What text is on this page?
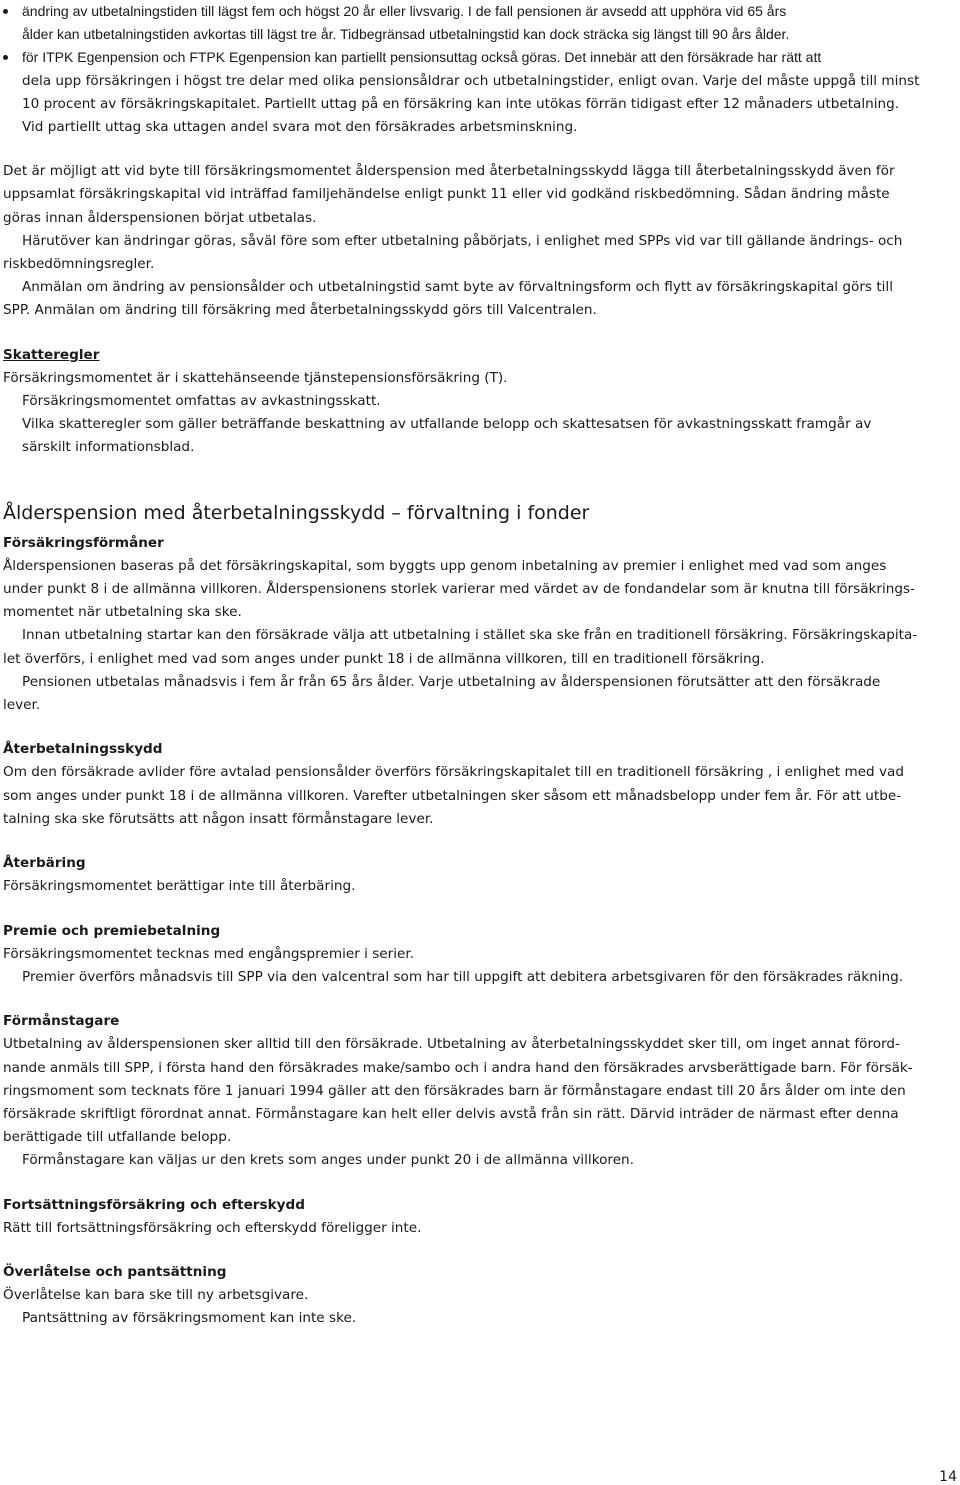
ändring av utbetalningstiden till lägst fem och högst 20 år eller livsvarig. I de fall pensionen är avsedd att upphöra vid 65 års
ålder kan utbetalningstiden avkortas till lägst tre år. Tidbegränsad utbetalningstid kan dock sträcka sig längst till 90 års ålder.
för ITPK Egenpension och FTPK Egenpension kan partiellt pensionsuttag också göras. Det innebär att den försäkrade har rätt att
dela upp försäkringen i högst tre delar med olika pensionsåldrar och utbetalningstider, enligt ovan. Varje del måste uppgå till minst
10 procent av försäkringskapitalet. Partiellt uttag på en försäkring kan inte utökas förrän tidigast efter 12 månaders utbetalning.
Vid partiellt uttag ska uttagen andel svara mot den försäkrades arbetsminskning.
Det är möjligt att vid byte till försäkringsmomentet ålderspension med återbetalningsskydd lägga till återbetalningsskydd även för
uppsamlat försäkringskapital vid inträffad familjehändelse enligt punkt 11 eller vid godkänd riskbedömning. Sådan ändring måste
göras innan ålderspensionen börjat utbetalas.
Härutöver kan ändringar göras, såväl före som efter utbetalning påbörjats, i enlighet med SPPs vid var till gällande ändrings- och
riskbedömningsregler.
Anmälan om ändring av pensionsålder och utbetalningstid samt byte av förvaltningsform och flytt av försäkringskapital görs till
SPP. Anmälan om ändring till försäkring med återbetalningsskydd görs till Valcentralen.
Skatteregler
Försäkringsmomentet är i skattehänseende tjänstepensionsförsäkring (T).
Försäkringsmomentet omfattas av avkastningsskatt.
Vilka skatteregler som gäller beträffande beskattning av utfallande belopp och skattesatsen för avkastningsskatt framgår av
särskilt informationsblad.
Ålderspension med återbetalningsskydd – förvaltning i fonder
Försäkringsförmåner
Ålderspensionen baseras på det försäkringskapital, som byggts upp genom inbetalning av premier i enlighet med vad som anges
under punkt 8 i de allmänna villkoren. Ålderspensionens storlek varierar med värdet av de fondandelar som är knutna till försäkrings-
momentet när utbetalning ska ske.
Innan utbetalning startar kan den försäkrade välja att utbetalning i stället ska ske från en traditionell försäkring. Försäkringskapita-
let överförs, i enlighet med vad som anges under punkt 18 i de allmänna villkoren, till en traditionell försäkring.
Pensionen utbetalas månadsvis i fem år från 65 års ålder. Varje utbetalning av ålderspensionen förutsätter att den försäkrade
lever.
Återbetalningsskydd
Om den försäkrade avlider före avtalad pensionsålder överförs försäkringskapitalet till en traditionell försäkring , i enlighet med vad
som anges under punkt 18 i de allmänna villkoren. Varefter utbetalningen sker såsom ett månadsbelopp under fem år. För att utbe-
talning ska ske förutsätts att någon insatt förmånstagare lever.
Återbäring
Försäkringsmomentet berättigar inte till återbäring.
Premie och premiebetalning
Försäkringsmomentet tecknas med engångspremier i serier.
Premier överförs månadsvis till SPP via den valcentral som har till uppgift att debitera arbetsgivaren för den försäkrades räkning.
Förmånstagare
Utbetalning av ålderspensionen sker alltid till den försäkrade. Utbetalning av återbetalningsskyddet sker till, om inget annat förord-
nande anmäls till SPP, i första hand den försäkrades make/sambo och i andra hand den försäkrades arvsberättigade barn. För försäk-
ringsmoment som tecknats före 1 januari 1994 gäller att den försäkrades barn är förmånstagare endast till 20 års ålder om inte den
försäkrade skriftligt förordnat annat. Förmånstagare kan helt eller delvis avstå från sin rätt. Därvid inträder de närmast efter denna
berättigade till utfallande belopp.
Förmånstagare kan väljas ur den krets som anges under punkt 20 i de allmänna villkoren.
Fortsättningsförsäkring och efterskydd
Rätt till fortsättningsförsäkring och efterskydd föreligger inte.
Överlåtelse och pantsättning
Överlåtelse kan bara ske till ny arbetsgivare.
Pantsättning av försäkringsmoment kan inte ske.
14
